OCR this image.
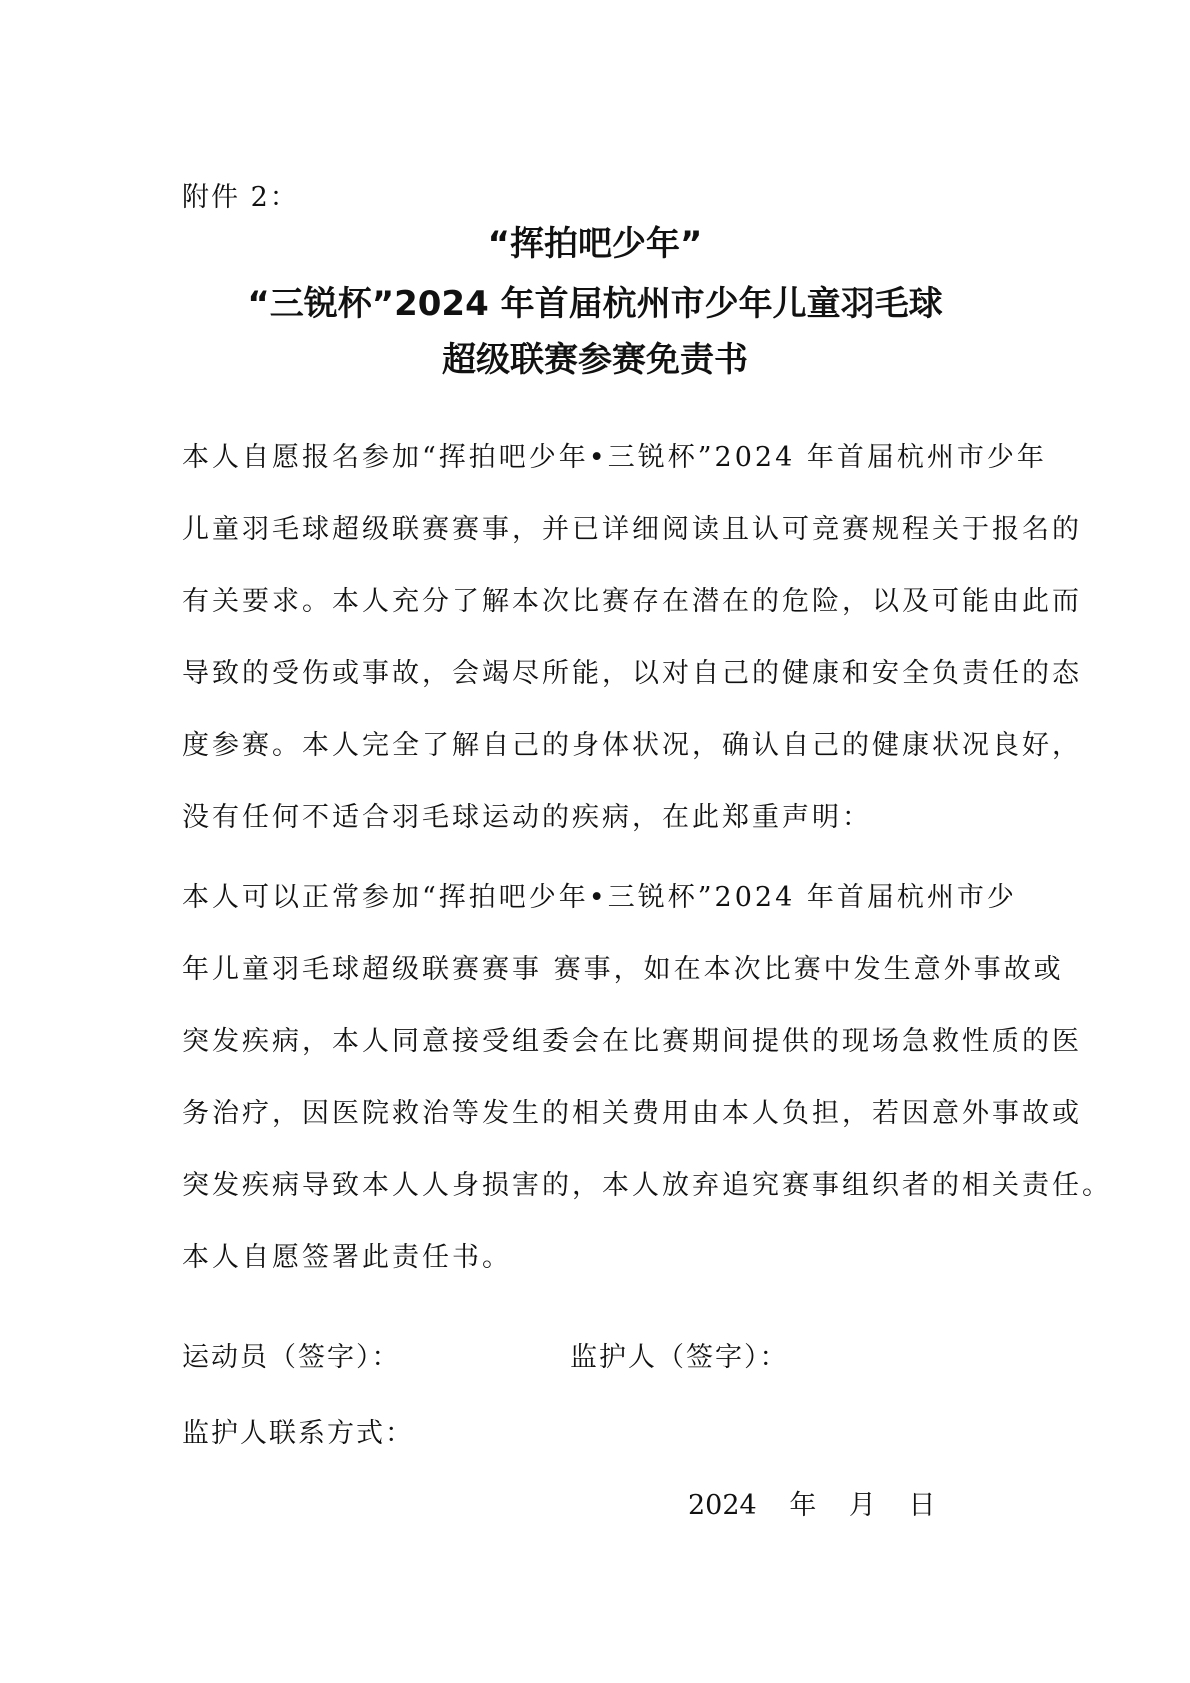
附件 2：
“挥拍吧少年”
“三锐杯”2024 年首届杭州市少年儿童羽毛球
超级联赛参赛免责书
本人自愿报名参加“挥拍吧少年•三锐杯”2024 年首届杭州市少年
儿童羽毛球超级联赛赛事，并已详细阅读且认可竞赛规程关于报名的
有关要求。本人充分了解本次比赛存在潜在的危险，以及可能由此而
导致的受伤或事故，会竭尽所能，以对自己的健康和安全负责任的态
度参赛。本人完全了解自己的身体状况，确认自己的健康状况良好，
没有任何不适合羽毛球运动的疾病，在此郑重声明：
本人可以正常参加“挥拍吧少年•三锐杯”2024 年首届杭州市少
年儿童羽毛球超级联赛赛事 赛事，如在本次比赛中发生意外事故或
突发疾病，本人同意接受组委会在比赛期间提供的现场急救性质的医
务治疗，因医院救治等发生的相关费用由本人负担，若因意外事故或
突发疾病导致本人人身损害的，本人放弃追究赛事组织者的相关责任。
本人自愿签署此责任书。
运动员（签字）：	监护人（签字）：
监护人联系方式：
2024 年 月 日
